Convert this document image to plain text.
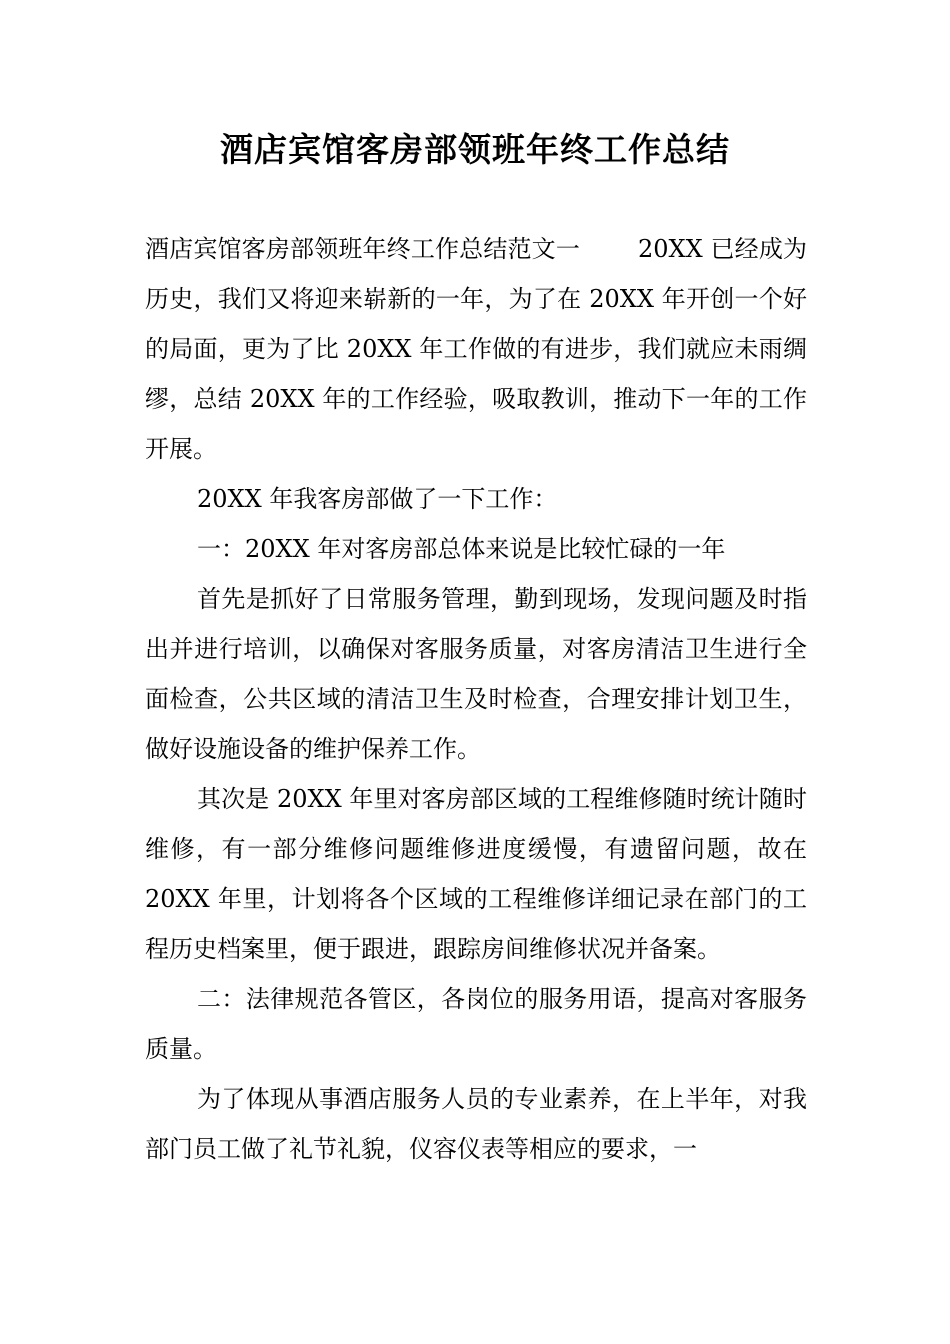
酒店宾馆客房部领班年终工作总结

酒店宾馆客房部领班年终工作总结范文一 20XX 已经成为历史，我们又将迎来崭新的一年，为了在 20XX 年开创一个好的局面，更为了比 20XX 年工作做的有进步，我们就应未雨绸缪，总结 20XX 年的工作经验，吸取教训，推动下一年的工作开展。

20XX 年我客房部做了一下工作：

一：20XX 年对客房部总体来说是比较忙碌的一年

首先是抓好了日常服务管理，勤到现场，发现问题及时指出并进行培训，以确保对客服务质量，对客房清洁卫生进行全面检查，公共区域的清洁卫生及时检查，合理安排计划卫生，做好设施设备的维护保养工作。

其次是 20XX 年里对客房部区域的工程维修随时统计随时维修，有一部分维修问题维修进度缓慢，有遗留问题，故在 20XX 年里，计划将各个区域的工程维修详细记录在部门的工程历史档案里，便于跟进，跟踪房间维修状况并备案。

二：法律规范各管区，各岗位的服务用语，提高对客服务质量。

为了体现从事酒店服务人员的专业素养，在上半年，对我部门员工做了礼节礼貌，仪容仪表等相应的要求，一
